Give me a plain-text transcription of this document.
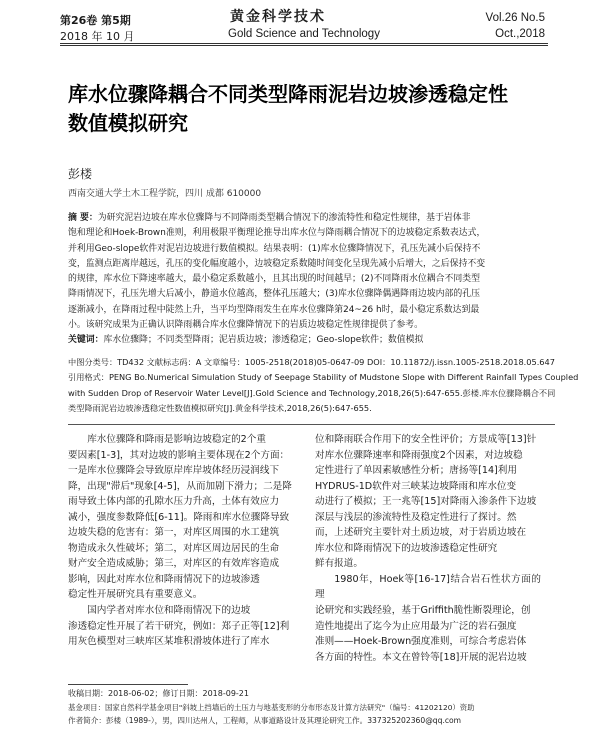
第26卷 第5期
2018 年 10 月
黄金科学技术
Gold Science and Technology
Vol.26 No.5
Oct.,2018
库水位骤降耦合不同类型降雨泥岩边坡渗透稳定性
数值模拟研究
彭楼
西南交通大学土木工程学院，四川 成都 610000
摘 要：为研究泥岩边坡在库水位骤降与不同降雨类型耦合情况下的渗流特性和稳定性规律，基于岩体非
饱和理论和Hoek-Brown准则，利用极限平衡理论推导出库水位与降雨耦合情况下的边坡稳定系数表达式，
并利用Geo-slope软件对泥岩边坡进行数值模拟。结果表明：(1)库水位骤降情况下，孔压先减小后保持不
变，监测点距离岸越远，孔压的变化幅度越小，边坡稳定系数随时间变化呈现先减小后增大，之后保持不变
的规律，库水位下降速率越大，最小稳定系数越小，且其出现的时间越早；(2)不同降雨水位耦合不同类型
降雨情况下，孔压先增大后减小，静道水位越高，整体孔压越大；(3)库水位骤降偶遇降雨边坡内部的孔压
逐渐减小，在降雨过程中陡然上升，当平均型降雨发生在库水位骤降第24~26 h时，最小稳定系数达到最
小。该研究成果为正确认识降雨耦合库水位骤降情况下的岩质边坡稳定性规律提供了参考。
关键词：库水位骤降；不同类型降雨；泥岩质边坡；渗透稳定；Geo-slope软件；数值模拟
中图分类号：TD432 文献标志码：A 文章编号：1005-2518(2018)05-0647-09 DOI：10.11872/j.issn.1005-2518.2018.05.647
引用格式：PENG Bo.Numerical Simulation Study of Seepage Stability of Mudstone Slope with Different Rainfall Types Coupled
with Sudden Drop of Reservoir Water Level[J].Gold Science and Technology,2018,26(5):647-655.彭楼.库水位骤降耦合不同
类型降雨泥岩边坡渗透稳定性数值模拟研究[J].黄金科学技术,2018,26(5):647-655.
库水位骤降和降雨是影响边坡稳定的2个重
要因素[1-3]，其对边坡的影响主要体现在2个方面：
一是库水位骤降会导致原岸库岸坡体经历浸润线下
降，出现"滞后"现象[4-5]，从而加剧下滑力；二是降
雨导致土体内部的孔隙水压力升高，土体有效应力
减小，强度参数降低[6-11]。降雨和库水位骤降导致
边坡失稳的危害有：第一，对库区周围的水工建筑
物造成永久性破坏；第二，对库区周边居民的生命
财产安全造成威胁；第三，对库区的有效库容造成
影响，因此对库水位和降雨情况下的边坡渗透
稳定性开展研究具有重要意义。
国内学者对库水位和降雨情况下的边坡
渗透稳定性开展了若干研究，例如：郑子正等[12]利
用灰色模型对三峡库区某堆积滑坡体进行了库水
位和降雨联合作用下的安全性评价；方景成等[13]针
对库水位骤降速率和降雨强度2个因素，对边坡稳
定性进行了单因素敏感性分析；唐扬等[14]利用
HYDRUS-1D软件对三峡某边坡降雨和库水位变
动进行了模拟；王一兆等[15]对降雨入渗条件下边坡
深层与浅层的渗流特性及稳定性进行了探讨。然
而，上述研究主要针对土质边坡，对于岩质边坡在
库水位和降雨情况下的边坡渗透稳定性研究
鲜有报道。
1980年，Hoek等[16-17]结合岩石性状方面的理
论研究和实践经验，基于Griffith脆性断裂理论，创
造性地提出了迄今为止应用最为广泛的岩石强度
准则——Hoek-Brown强度准则，可综合考虑岩体
各方面的特性。本文在曾铃等[18]开展的泥岩边坡
收稿日期：2018-06-02；修订日期：2018-09-21
基金项目：国家自然科学基金项目"斜坡上挡墙后的土压力与地基变形的分布形态及计算方法研究"（编号：41202120）资助
作者简介：彭楼（1989-），男，四川达州人，工程师，从事道路设计及其理论研究工作。337325202360@qq.com
